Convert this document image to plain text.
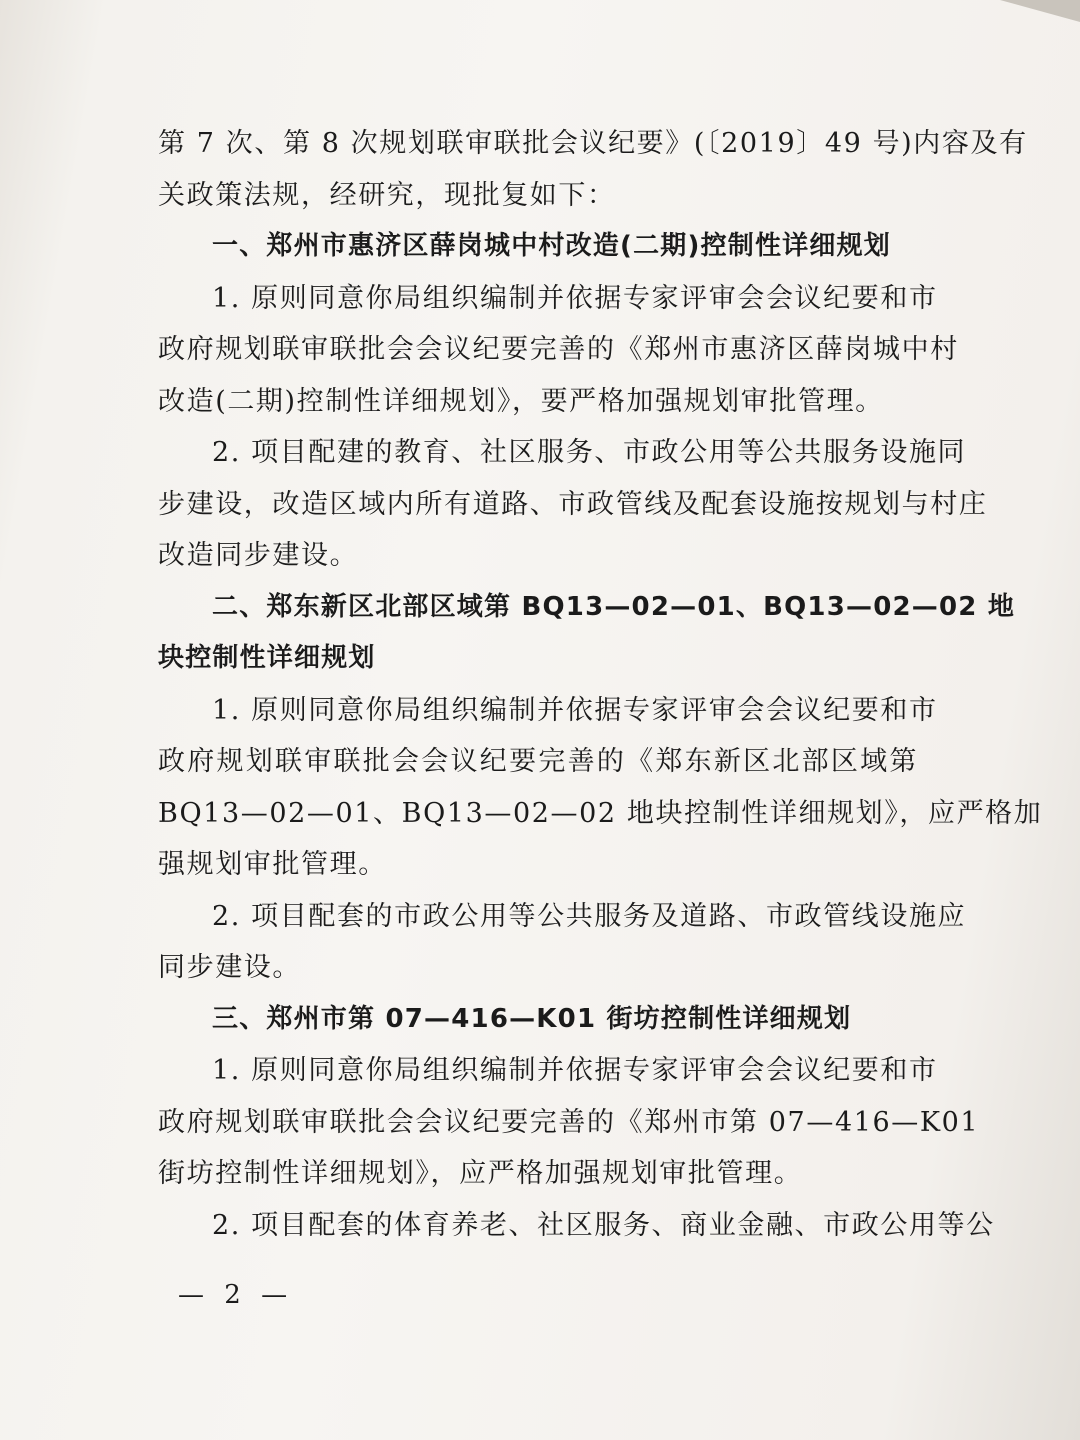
第 7 次、第 8 次规划联审联批会议纪要》(〔2019〕49 号)内容及有
关政策法规，经研究，现批复如下：
一、郑州市惠济区薛岗城中村改造(二期)控制性详细规划
1. 原则同意你局组织编制并依据专家评审会会议纪要和市
政府规划联审联批会会议纪要完善的《郑州市惠济区薛岗城中村
改造(二期)控制性详细规划》，要严格加强规划审批管理。
2. 项目配建的教育、社区服务、市政公用等公共服务设施同
步建设，改造区域内所有道路、市政管线及配套设施按规划与村庄
改造同步建设。
二、郑东新区北部区域第 BQ13—02—01、BQ13—02—02 地
块控制性详细规划
1. 原则同意你局组织编制并依据专家评审会会议纪要和市
政府规划联审联批会会议纪要完善的《郑东新区北部区域第
BQ13—02—01、BQ13—02—02 地块控制性详细规划》，应严格加
强规划审批管理。
2. 项目配套的市政公用等公共服务及道路、市政管线设施应
同步建设。
三、郑州市第 07—416—K01 街坊控制性详细规划
1. 原则同意你局组织编制并依据专家评审会会议纪要和市
政府规划联审联批会会议纪要完善的《郑州市第 07—416—K01
街坊控制性详细规划》，应严格加强规划审批管理。
2. 项目配套的体育养老、社区服务、商业金融、市政公用等公
— 2 —
